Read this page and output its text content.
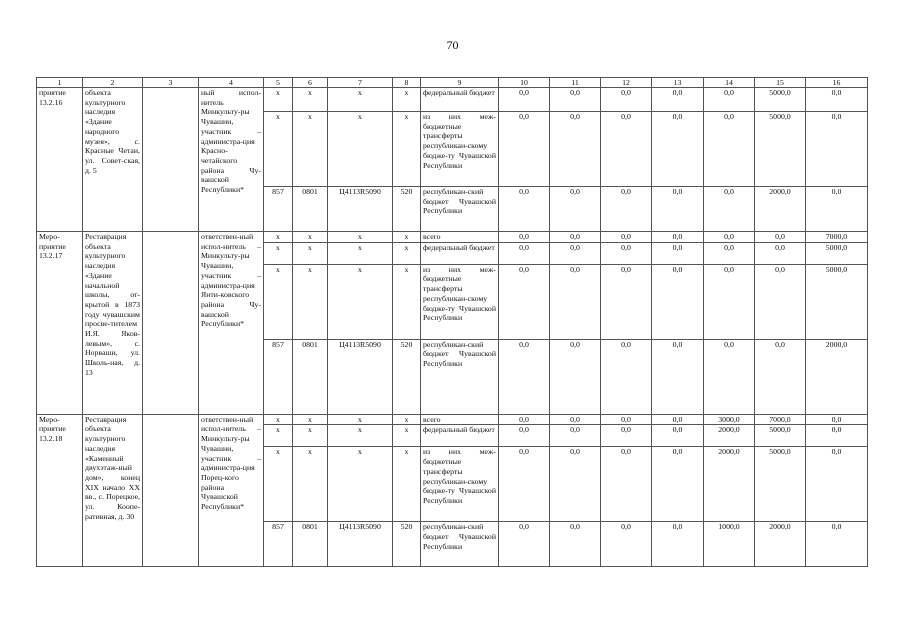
70
1	2	3	4	5	6	7	8	9	10	11	12	13	14	15	16
приятие 13.2.16	объекта культурного наследия «Здание народного музея», с. Красные Четаи, ул. Совет-ская, д. 5		ный испол-нитель Минкульту-ры Чувашии, участник – администра-ция Красно-четайского района Чу-вашской Республики*	x	x	x	x	федеральный бюджет	0,0	0,0	0,0	0,0	0,0	5000,0	0,0
				x	x	x	x	из них меж-бюджетные трансферты республикан-скому бюдже-ту Чувашской Республики	0,0	0,0	0,0	0,0	0,0	5000,0	0,0
				857	0801	Ц4113R5090	520	республикан-ский бюджет Чувашской Республики	0,0	0,0	0,0	0,0	0,0	2000,0	0,0
Меро-приятие 13.2.17	Реставрация объекта культурного наследия «Здание начальной школы, от-крытой в 1873 году чувашским просве-тителем И.Я. Яков-левым», с. Норваши, ул. Школь-ная, д. 13		ответствен-ный испол-нитель – Минкульту-ры Чувашии, участник – администра-ция Янти-ковского района Чу-вашской Республики*	x	x	x	x	всего	0,0	0,0	0,0	0,0	0,0	0,0	7000,0
				x	x	x	x	федеральный бюджет	0,0	0,0	0,0	0,0	0,0	0,0	5000,0
				x	x	x	x	из них меж-бюджетные трансферты республикан-скому бюдже-ту Чувашской Республики	0,0	0,0	0,0	0,0	0,0	0,0	5000,0
				857	0801	Ц4113R5090	520	республикан-ский бюджет Чувашской Республики	0,0	0,0	0,0	0,0	0,0	0,0	2000,0
Меро-приятие 13.2.18	Реставрация объекта культурного наследия «Каменный двухэтаж-ный дом», конец XIX начало XX вв., с. Порецкое, ул. Коопе-ративная, д. 30		ответствен-ный испол-нитель – Минкульту-ры Чувашии, участник – администра-ция Порец-кого района Чувашской Республики*	x	x	x	x	всего	0,0	0,0	0,0	0,0	3000,0	7000,0	0,0
				x	x	x	x	федеральный бюджет	0,0	0,0	0,0	0,0	2000,0	5000,0	0,0
				x	x	x	x	из них меж-бюджетные трансферты республикан-скому бюдже-ту Чувашской Республики	0,0	0,0	0,0	0,0	2000,0	5000,0	0,0
				857	0801	Ц4113R5090	520	республикан-ский бюджет Чувашской Республики	0,0	0,0	0,0	0,0	1000,0	2000,0	0,0
